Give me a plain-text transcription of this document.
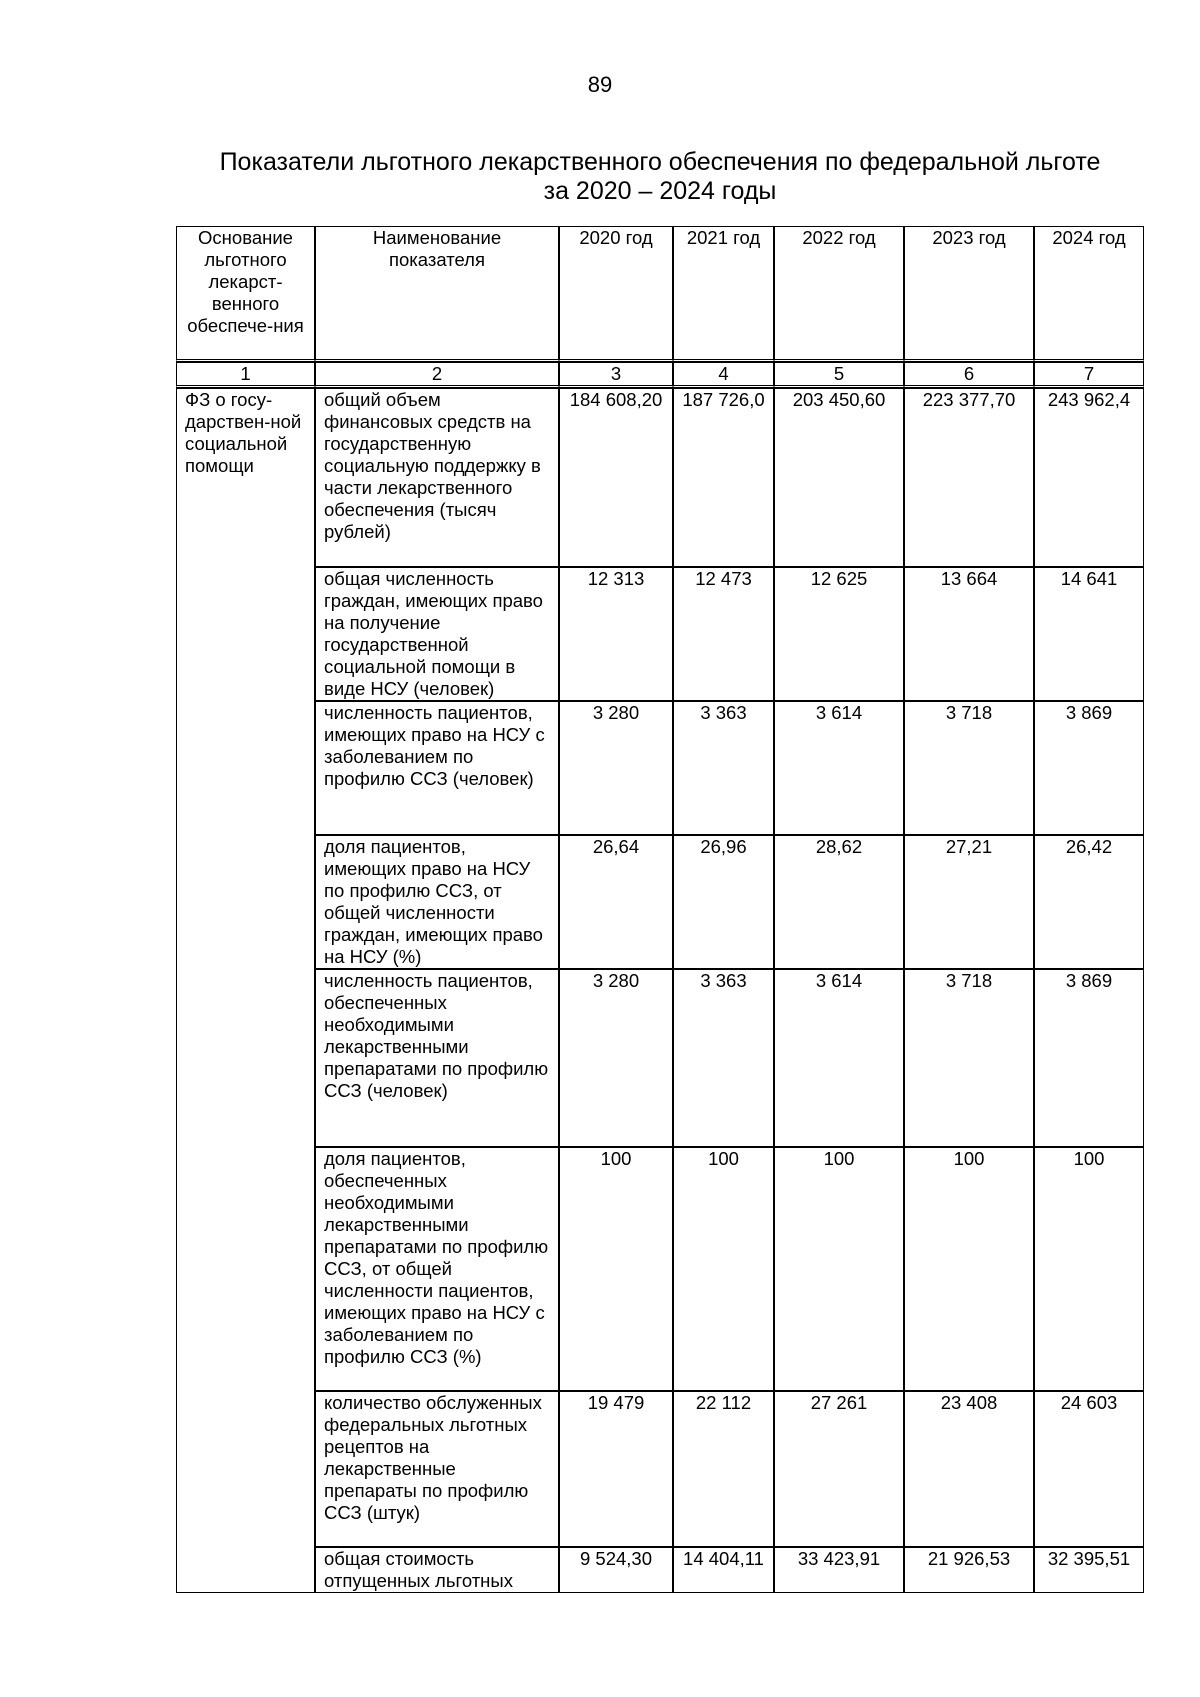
89
Показатели льготного лекарственного обеспечения по федеральной льготе
за 2020 – 2024 годы
Основание льготного лекарст-венного обеспече-ния	Наименование показателя	2020 год	2021 год	2022 год	2023 год	2024 год
1	2	3	4	5	6	7
ФЗ о госу-дарствен-ной социальной помощи	общий объем финансовых средств на государственную социальную поддержку в части лекарственного обеспечения (тысяч рублей)	184 608,20	187 726,0	203 450,60	223 377,70	243 962,4
	общая численность граждан, имеющих право на получение государственной социальной помощи в виде НСУ (человек)	12 313	12 473	12 625	13 664	14 641
	численность пациентов, имеющих право на НСУ с заболеванием по профилю ССЗ (человек)	3 280	3 363	3 614	3 718	3 869
	доля пациентов, имеющих право на НСУ по профилю ССЗ, от общей численности граждан, имеющих право на НСУ (%)	26,64	26,96	28,62	27,21	26,42
	численность пациентов, обеспеченных необходимыми лекарственными препаратами по профилю ССЗ (человек)	3 280	3 363	3 614	3 718	3 869
	доля пациентов, обеспеченных необходимыми лекарственными препаратами по профилю ССЗ, от общей численности пациентов, имеющих право на НСУ с заболеванием по профилю ССЗ (%)	100	100	100	100	100
	количество обслуженных федеральных льготных рецептов на лекарственные препараты по профилю ССЗ (штук)	19 479	22 112	27 261	23 408	24 603
	общая стоимость отпущенных льготных	9 524,30	14 404,11	33 423,91	21 926,53	32 395,51
